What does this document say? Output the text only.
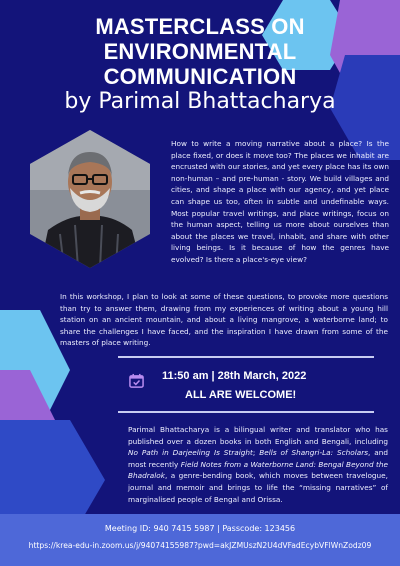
MASTERCLASS ON
ENVIRONMENTAL
COMMUNICATION
by Parimal Bhattacharya
How to write a moving narrative about a place? Is the place fixed, or does it move too? The places we inhabit are encrusted with our stories, and yet every place has its own non-human – and pre-human - story. We build villages and cities, and shape a place with our agency, and yet place can shape us too, often in subtle and undefinable ways. Most popular travel writings, and place writings, focus on the human aspect, telling us more about ourselves than about the places we travel, inhabit, and share with other living beings. Is it because of how the genres have evolved? Is there a place's-eye view?
In this workshop, I plan to look at some of these questions, to provoke more questions than try to answer them, drawing from my experiences of writing about a young hill station on an ancient mountain, and about a living mangrove, a waterborne land; to share the challenges I have faced, and the inspiration I have drawn from some of the masters of place writing.
11:50 am | 28th March, 2022
ALL ARE WELCOME!
Parimal Bhattacharya is a bilingual writer and translator who has published over a dozen books in both English and Bengali, including No Path in Darjeeling Is Straight; Bells of Shangri-La: Scholars, and most recently Field Notes from a Waterborne Land: Bengal Beyond the Bhadralok, a genre-bending book, which moves between travelogue, journal and memoir and brings to life the “missing narratives” of marginalised people of Bengal and Orissa.
Meeting ID: 940 7415 5987 | Passcode: 123456
https://krea-edu-in.zoom.us/j/94074155987?pwd=akJZMUszN2U4dVFadEcybVFlWnZodz09
